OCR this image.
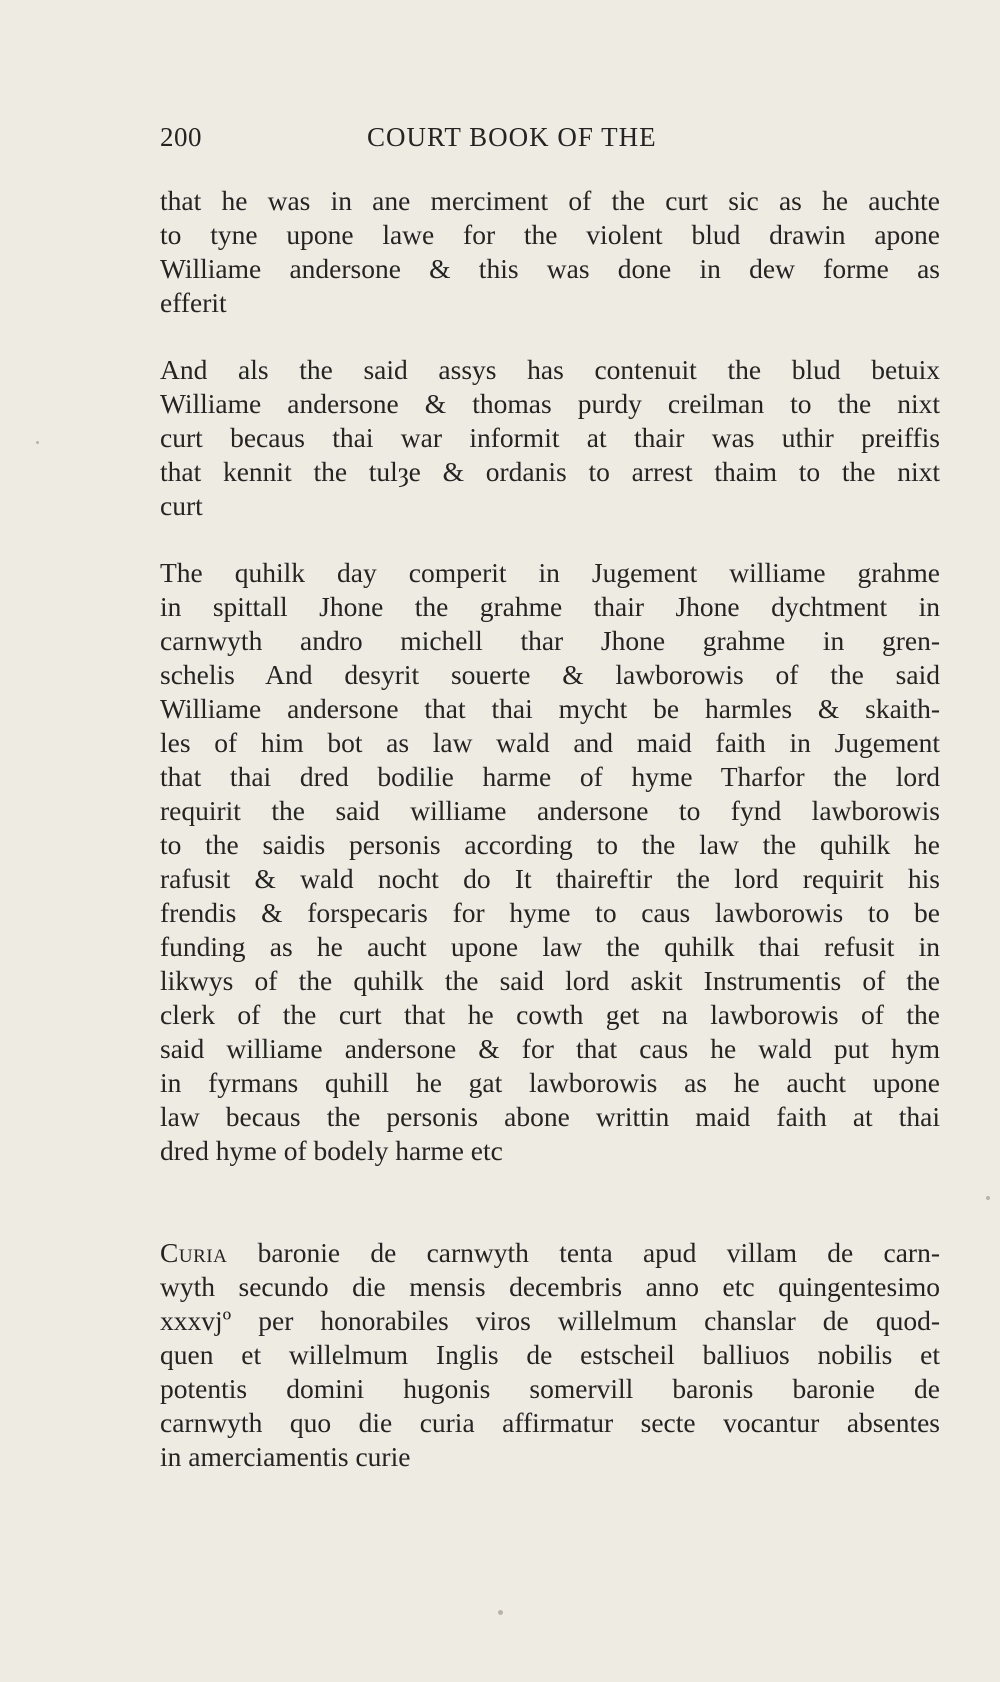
200	COURT BOOK OF THE

that he was in ane merciment of the curt sic as he auchte
to tyne upone lawe for the violent blud drawin apone
Williame andersone & this was done in dew forme as
efferit

And als the said assys has contenuit the blud betuix
Williame andersone & thomas purdy creilman to the nixt
curt becaus thai war informit at thair was uthir preiffis
that kennit the tulȝe & ordanis to arrest thaim to the nixt
curt

The quhilk day comperit in Jugement williame grahme
in spittall Jhone the grahme thair Jhone dychtment in
carnwyth andro michell thar Jhone grahme in gren-
schelis And desyrit souerte & lawborowis of the said
Williame andersone that thai mycht be harmles & skaith-
les of him bot as law wald and maid faith in Jugement
that thai dred bodilie harme of hyme Tharfor the lord
requirit the said williame andersone to fynd lawborowis
to the saidis personis according to the law the quhilk he
rafusit & wald nocht do It thaireftir the lord requirit his
frendis & forspecaris for hyme to caus lawborowis to be
funding as he aucht upone law the quhilk thai refusit in
likwys of the quhilk the said lord askit Instrumentis of the
clerk of the curt that he cowth get na lawborowis of the
said williame andersone & for that caus he wald put hym
in fyrmans quhill he gat lawborowis as he aucht upone
law becaus the personis abone writtin maid faith at thai
dred hyme of bodely harme etc

Curia baronie de carnwyth tenta apud villam de carn-
wyth secundo die mensis decembris anno etc quingentesimo
xxxvjº per honorabiles viros willelmum chanslar de quod-
quen et willelmum Inglis de estscheil balliuos nobilis et
potentis domini hugonis somervill baronis baronie de
carnwyth quo die curia affirmatur secte vocantur absentes
in amerciamentis curie
